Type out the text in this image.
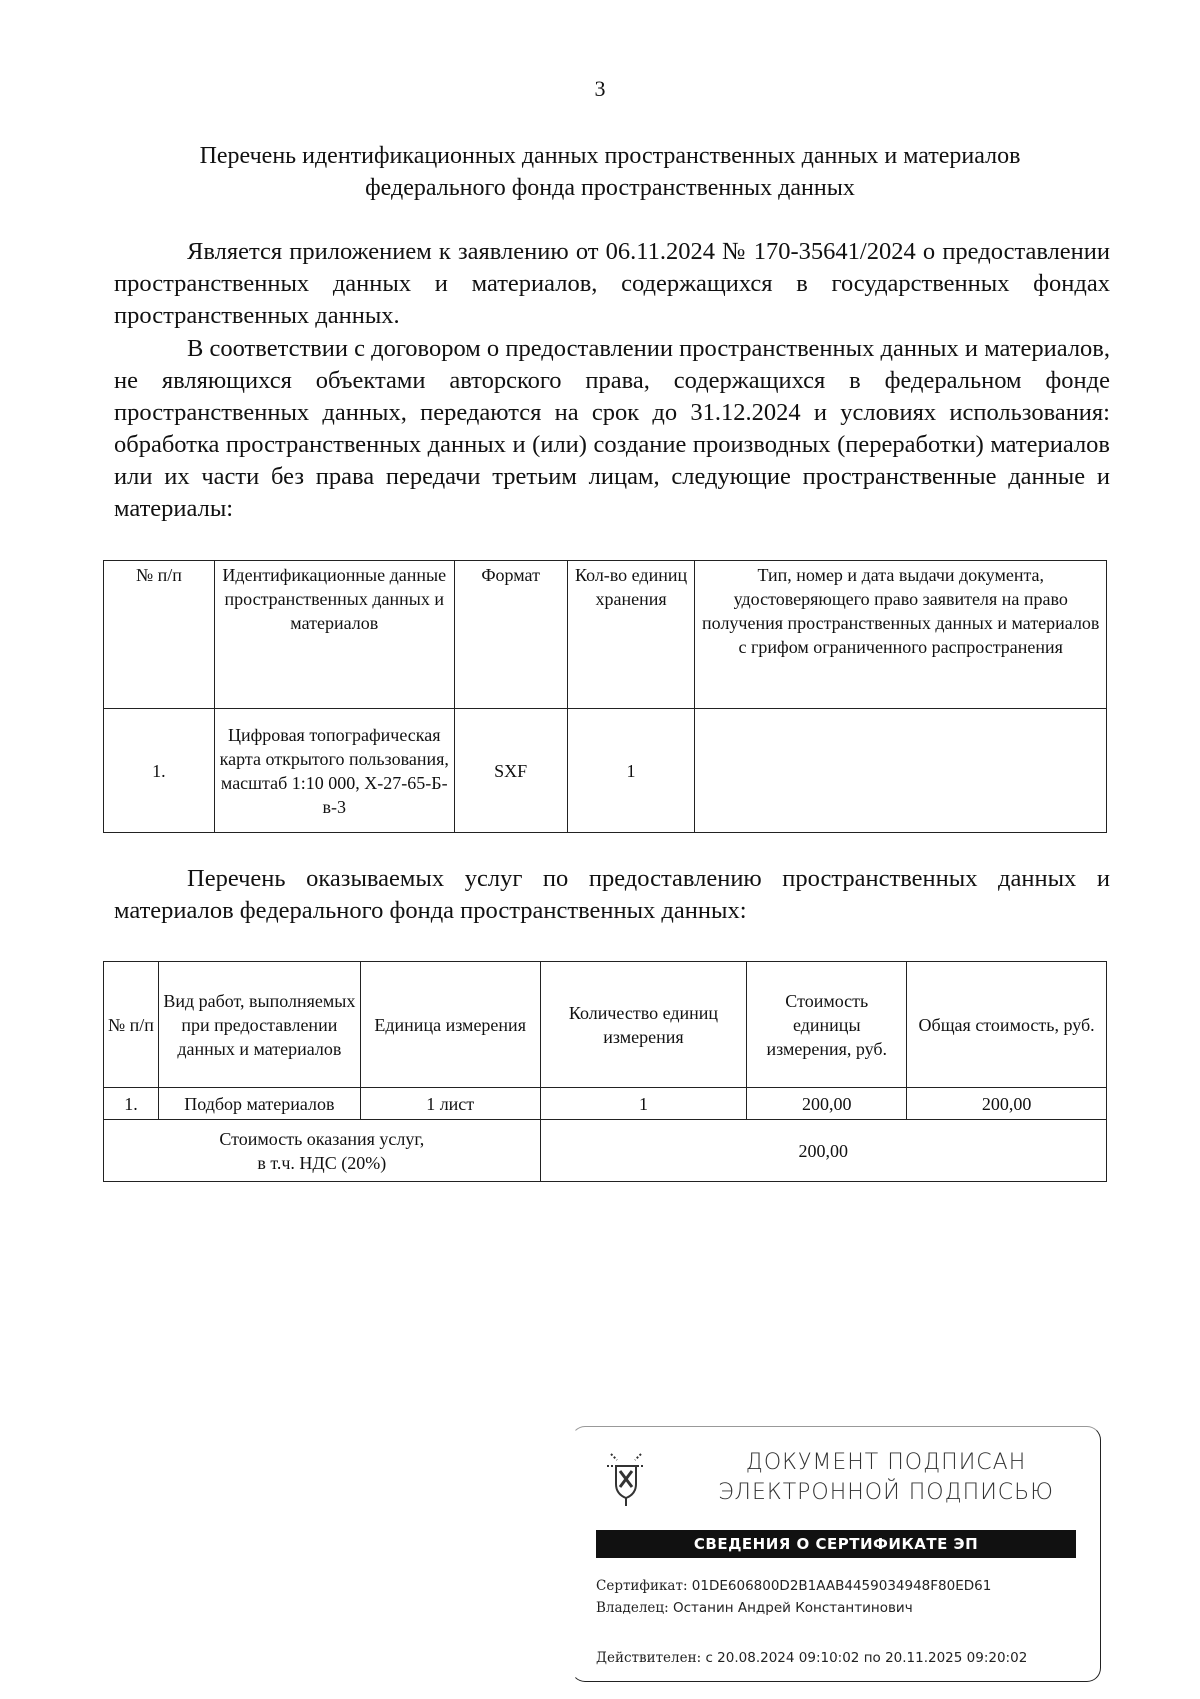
3
Перечень идентификационных данных пространственных данных и материалов
федерального фонда пространственных данных

Является приложением к заявлению от 06.11.2024 № 170-35641/2024 о предоставлении пространственных данных и материалов, содержащихся в государственных фондах пространственных данных.

В соответствии с договором о предоставлении пространственных данных и материалов, не являющихся объектами авторского права, содержащихся в федеральном фонде пространственных данных, передаются на срок до 31.12.2024 и условиях использования: обработка пространственных данных и (или) создание производных (переработки) материалов или их части без права передачи третьим лицам, следующие пространственные данные и материалы:

№ п/п	Идентификационные данные пространственных данных и материалов	Формат	Кол-во единиц хранения	Тип, номер и дата выдачи документа, удостоверяющего право заявителя на право получения пространственных данных и материалов с грифом ограниченного распространения
1.	Цифровая топографическая карта открытого пользования, масштаб 1:10 000, Х-27-65-Б-в-3	SXF	1	

Перечень оказываемых услуг по предоставлению пространственных данных и материалов федерального фонда пространственных данных:

№ п/п	Вид работ, выполняемых при предоставлении данных и материалов	Единица измерения	Количество единиц измерения	Стоимость единицы измерения, руб.	Общая стоимость, руб.
1.	Подбор материалов	1 лист	1	200,00	200,00

Стоимость оказания услуг,
в т.ч. НДС (20%)			200,00		
ДОКУМЕНТ ПОДПИСАН
ЭЛЕКТРОННОЙ ПОДПИСЬЮ
СВЕДЕНИЯ О СЕРТИФИКАТЕ ЭП
Сертификат: 01DE606800D2B1AAB4459034948F80ED61
Владелец: Останин Андрей Константинович
Действителен: с 20.08.2024 09:10:02 по 20.11.2025 09:20:02
